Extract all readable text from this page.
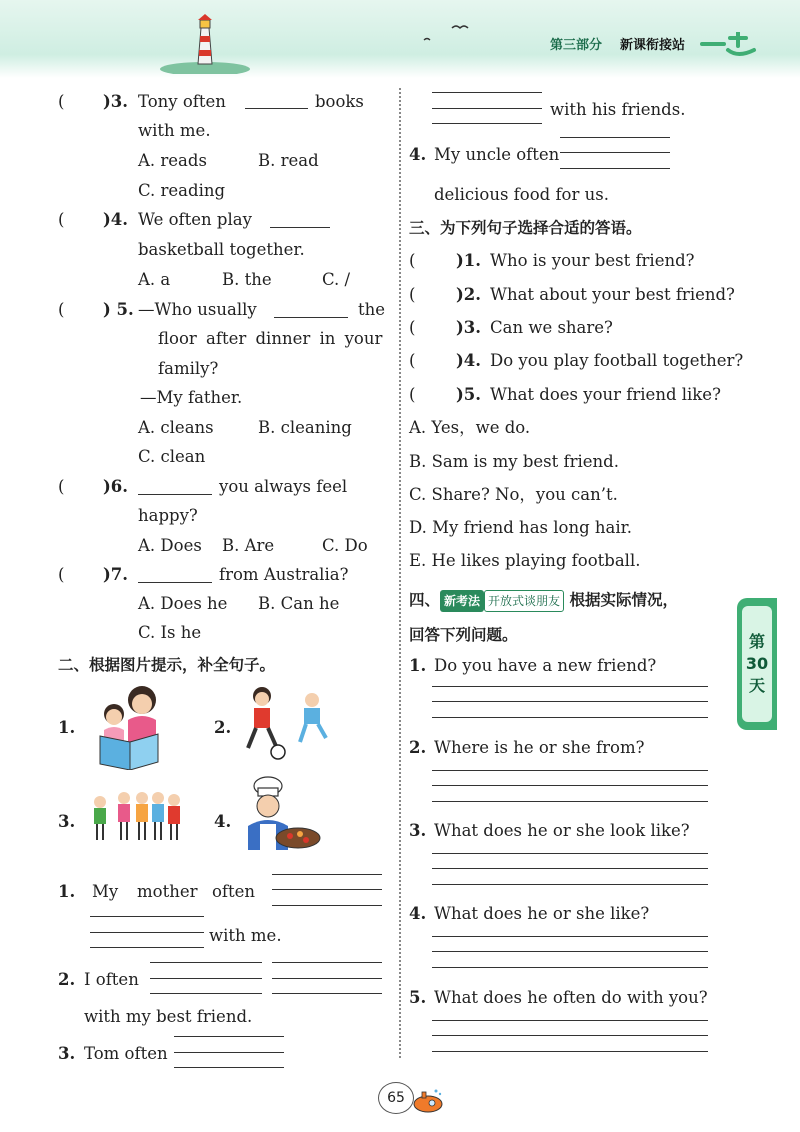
第三部分 新课衔接站
( )3. Tony often	books
with me.
A. reads	B. read
C. reading
( )4. We often play
basketball together.
A. a	B. the	C. /
( ) 5. —Who usually	the
floor after dinner in your
family?
—My father.
A. cleans	B. cleaning
C. clean
( )6.	you always feel
happy?
A. Does B. Are	C. Do
( )7.	from Australia?
A. Does he B. Can he
C. Is he
二、根据图片提示，补全句子。
1.	2.
3.	4.
1. My mother often
with me.
2. I often
with my best friend.
3. Tom often
with his friends.
4. My uncle often
delicious food for us.
三、为下列句子选择合适的答语。
( )1. Who is your best friend?
( )2. What about your best friend?
( )3. Can we share?
( )4. Do you play football together?
( )5. What does your friend like?
A. Yes，we do.
B. Sam is my best friend.
C. Share? No，you can’t.
D. My friend has long hair.
E. He likes playing football.
四、 新考法 开放式谈朋友 根据实际情况，
回答下列问题。
1. Do you have a new friend?
2. Where is he or she from?
3. What does he or she look like?
4. What does he or she like?
5. What does he often do with you?
第
30
天
65
